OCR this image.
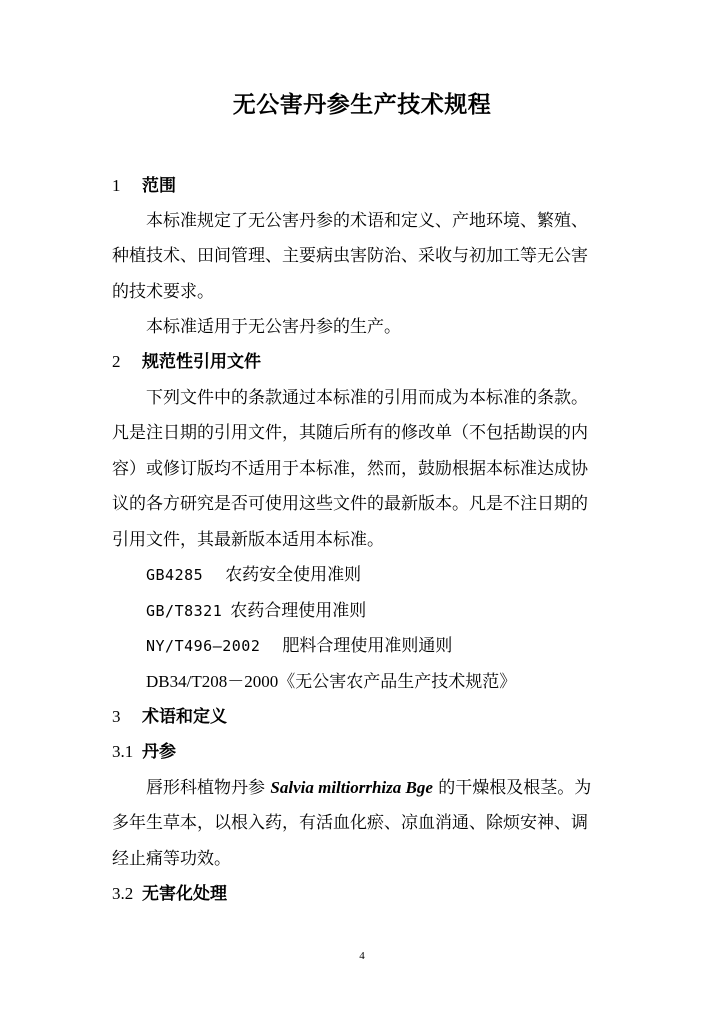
无公害丹参生产技术规程
1 范围
本标准规定了无公害丹参的术语和定义、产地环境、繁殖、
种植技术、田间管理、主要病虫害防治、采收与初加工等无公害
的技术要求。
本标准适用于无公害丹参的生产。
2 规范性引用文件
下列文件中的条款通过本标准的引用而成为本标准的条款。
凡是注日期的引用文件，其随后所有的修改单（不包括勘误的内
容）或修订版均不适用于本标准，然而，鼓励根据本标准达成协
议的各方研究是否可使用这些文件的最新版本。凡是不注日期的
引用文件，其最新版本适用本标准。
GB4285 农药安全使用准则
GB/T8321 农药合理使用准则
NY/T496—2002 肥料合理使用准则通则
DB34/T208－2000《无公害农产品生产技术规范》
3 术语和定义
3.1 丹参
唇形科植物丹参 Salvia miltiorrhiza Bge 的干燥根及根茎。为
多年生草本，以根入药，有活血化瘀、凉血消通、除烦安神、调
经止痛等功效。
3.2 无害化处理
4
